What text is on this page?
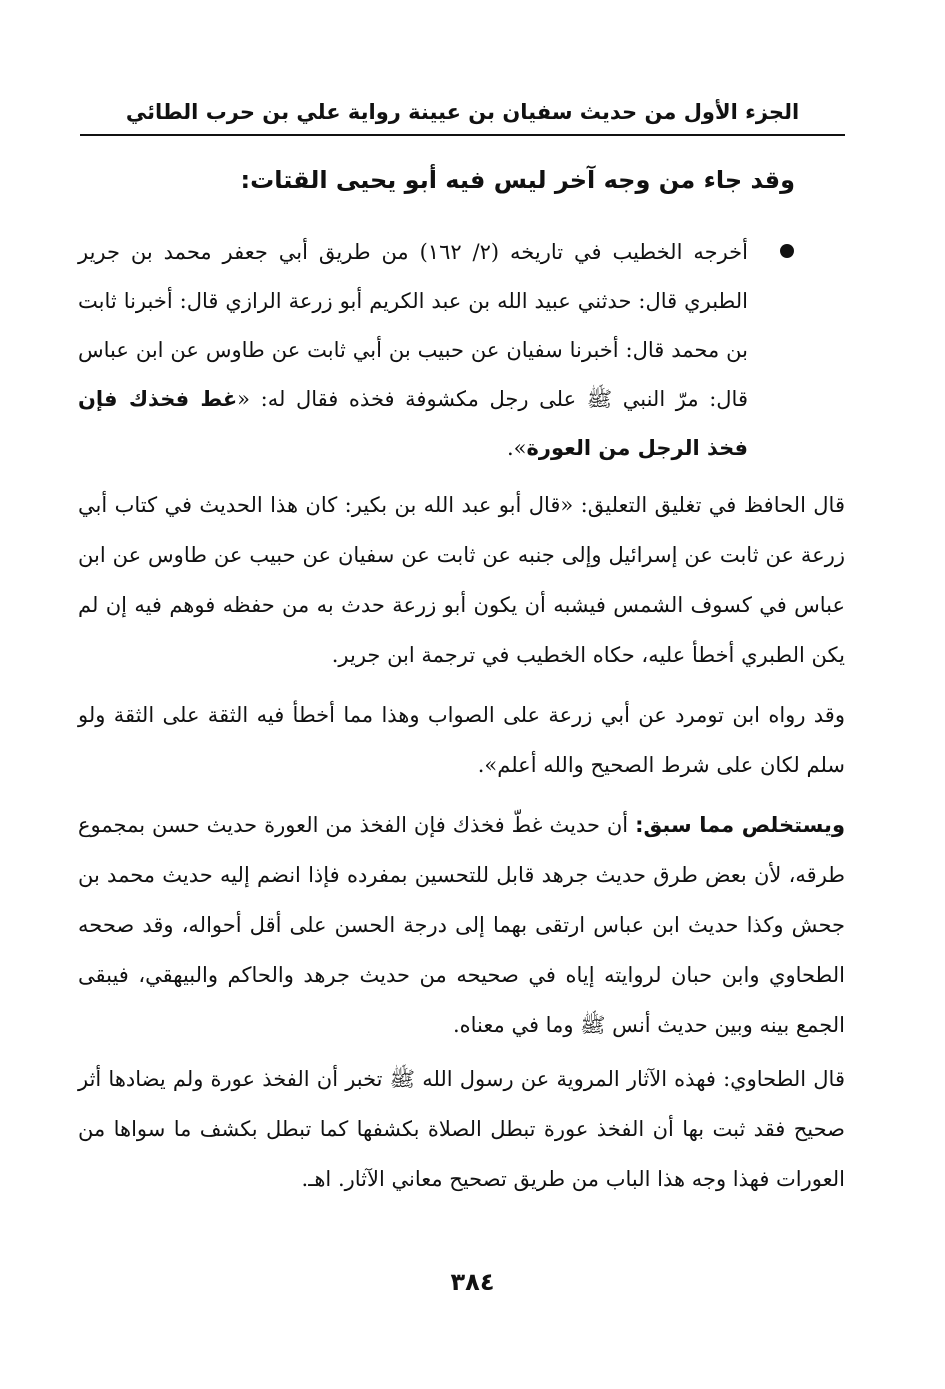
الجزء الأول من حديث سفيان بن عيينة رواية علي بن حرب الطائي
وقد جاء من وجه آخر ليس فيه أبو يحيى القتات:
أخرجه الخطيب في تاريخه (٢/ ١٦٢) من طريق أبي جعفر محمد بن جرير الطبري قال: حدثني عبيد الله بن عبد الكريم أبو زرعة الرازي قال: أخبرنا ثابت بن محمد قال: أخبرنا سفيان عن حبيب بن أبي ثابت عن طاوس عن ابن عباس قال: مرّ النبي ﷺ على رجل مكشوفة فخذه فقال له: «غط فخذك فإن فخذ الرجل من العورة».
قال الحافظ في تغليق التعليق: «قال أبو عبد الله بن بكير: كان هذا الحديث في كتاب أبي زرعة عن ثابت عن إسرائيل وإلى جنبه عن ثابت عن سفيان عن حبيب عن طاوس عن ابن عباس في كسوف الشمس فيشبه أن يكون أبو زرعة حدث به من حفظه فوهم فيه إن لم يكن الطبري أخطأ عليه، حكاه الخطيب في ترجمة ابن جرير.
وقد رواه ابن تومرد عن أبي زرعة على الصواب وهذا مما أخطأ فيه الثقة على الثقة ولو سلم لكان على شرط الصحيح والله أعلم».
ويستخلص مما سبق: أن حديث غطّ فخذك فإن الفخذ من العورة حديث حسن بمجموع طرقه، لأن بعض طرق حديث جرهد قابل للتحسين بمفرده فإذا انضم إليه حديث محمد بن جحش وكذا حديث ابن عباس ارتقى بهما إلى درجة الحسن على أقل أحواله، وقد صححه الطحاوي وابن حبان لروايته إياه في صحيحه من حديث جرهد والحاكم والبيهقي، فيبقى الجمع بينه وبين حديث أنس ﷺ وما في معناه.
قال الطحاوي: فهذه الآثار المروية عن رسول الله ﷺ تخبر أن الفخذ عورة ولم يضادها أثر صحيح فقد ثبت بها أن الفخذ عورة تبطل الصلاة بكشفها كما تبطل بكشف ما سواها من العورات فهذا وجه هذا الباب من طريق تصحيح معاني الآثار. اهـ.
٣٨٤
